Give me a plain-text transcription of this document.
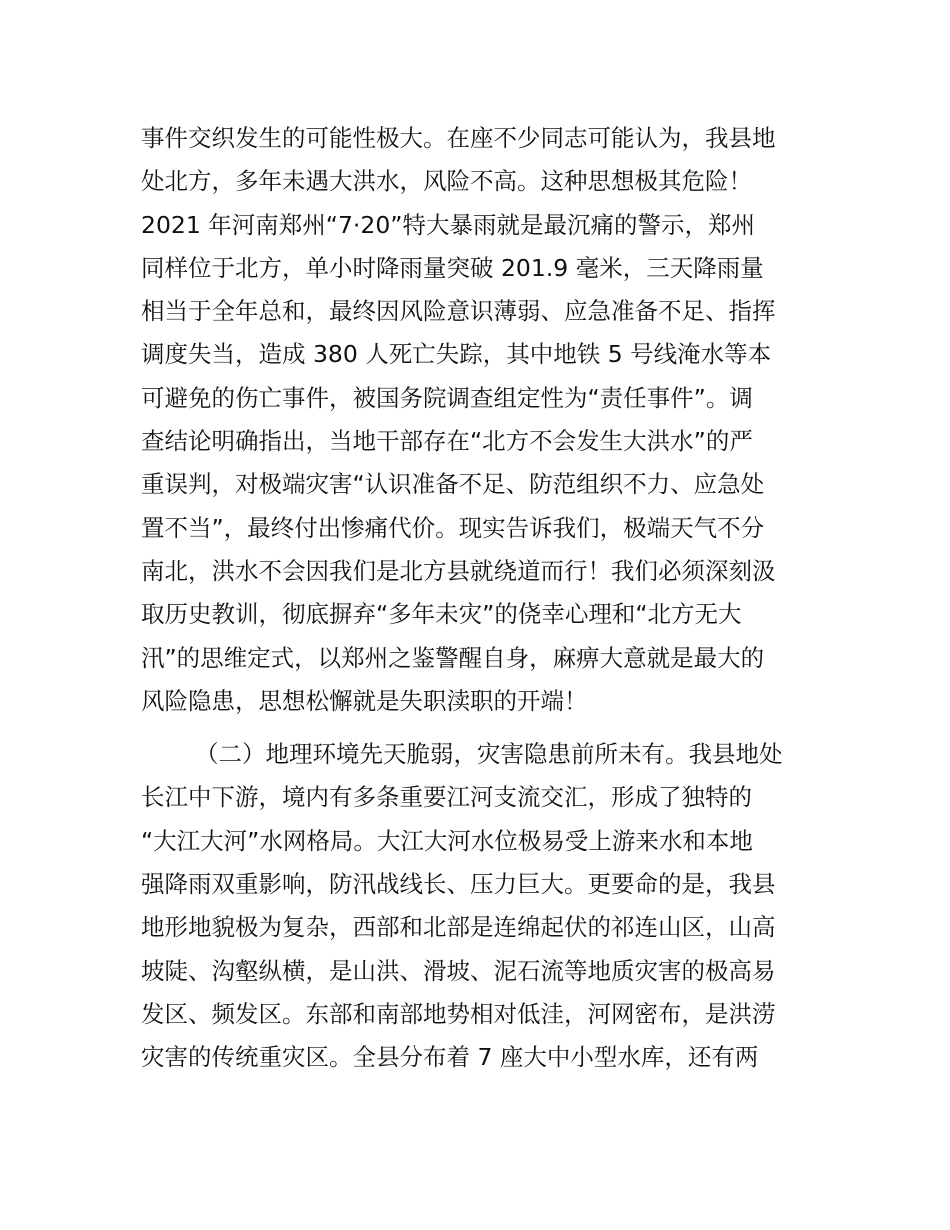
事件交织发生的可能性极大。在座不少同志可能认为，我县地
处北方，多年未遇大洪水，风险不高。这种思想极其危险！
2021 年河南郑州“7·20”特大暴雨就是最沉痛的警示，郑州
同样位于北方，单小时降雨量突破 201.9 毫米，三天降雨量
相当于全年总和，最终因风险意识薄弱、应急准备不足、指挥
调度失当，造成 380 人死亡失踪，其中地铁 5 号线淹水等本
可避免的伤亡事件，被国务院调查组定性为“责任事件”。调
查结论明确指出，当地干部存在“北方不会发生大洪水”的严
重误判，对极端灾害“认识准备不足、防范组织不力、应急处
置不当”，最终付出惨痛代价。现实告诉我们，极端天气不分
南北，洪水不会因我们是北方县就绕道而行！我们必须深刻汲
取历史教训，彻底摒弃“多年未灾”的侥幸心理和“北方无大
汛”的思维定式，以郑州之鉴警醒自身，麻痹大意就是最大的
风险隐患，思想松懈就是失职渎职的开端！
（二）地理环境先天脆弱，灾害隐患前所未有。我县地处
长江中下游，境内有多条重要江河支流交汇，形成了独特的
“大江大河”水网格局。大江大河水位极易受上游来水和本地
强降雨双重影响，防汛战线长、压力巨大。更要命的是，我县
地形地貌极为复杂，西部和北部是连绵起伏的祁连山区，山高
坡陡、沟壑纵横，是山洪、滑坡、泥石流等地质灾害的极高易
发区、频发区。东部和南部地势相对低洼，河网密布，是洪涝
灾害的传统重灾区。全县分布着 7 座大中小型水库，还有两
